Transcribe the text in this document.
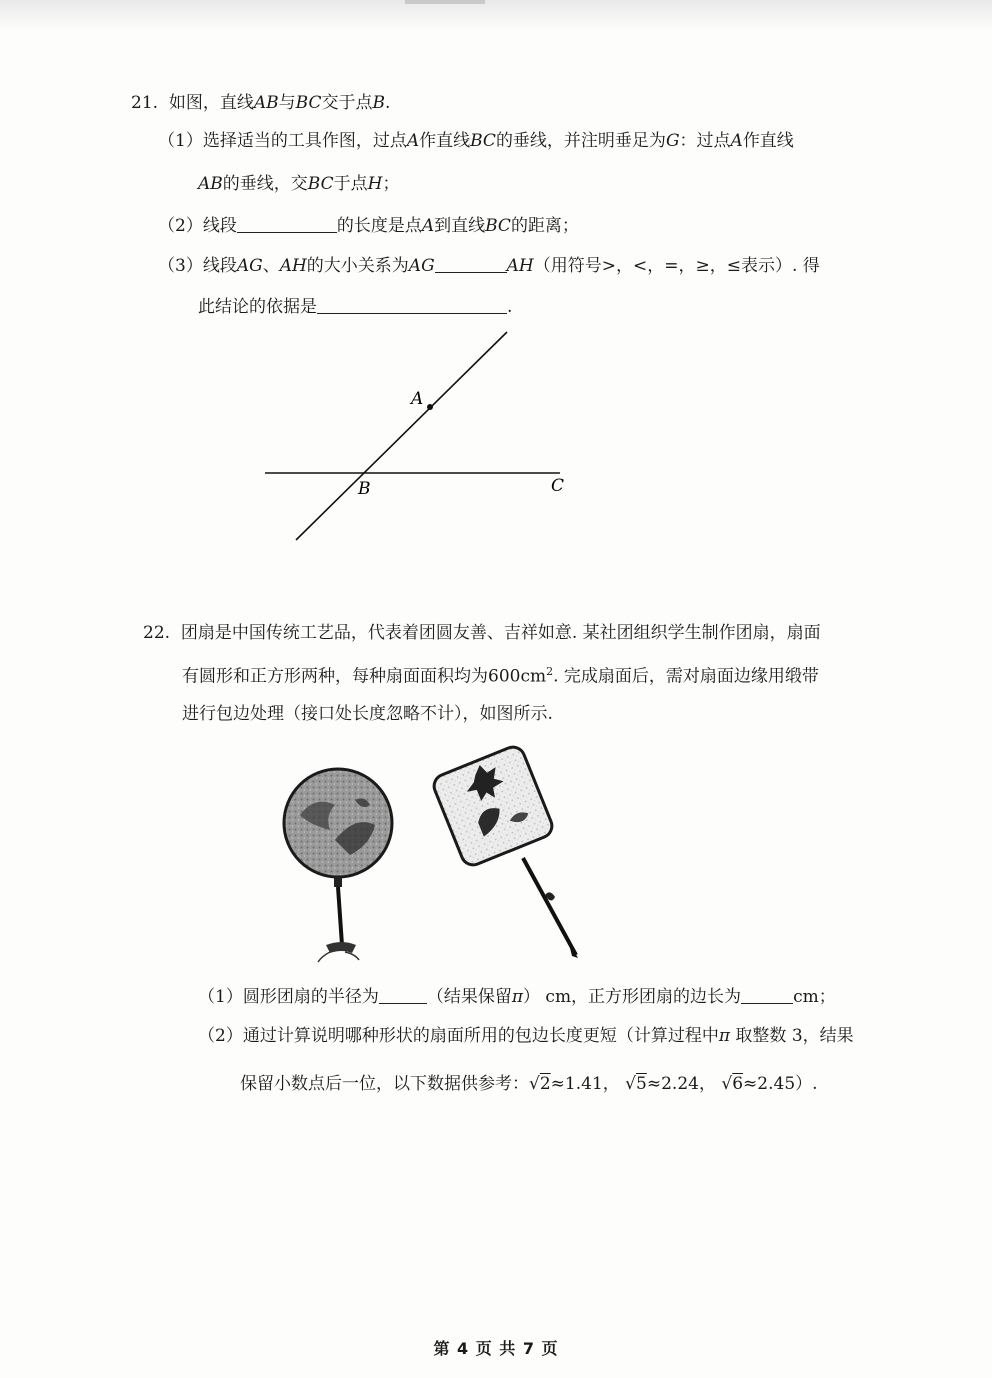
21. 如图，直线AB与BC交于点B.
（1）选择适当的工具作图，过点A作直线BC的垂线，并注明垂足为G：过点A作直线
AB的垂线，交BC于点H；
（2）线段	的长度是点A到直线BC的距离；
（3）线段AG、AH的大小关系为AG	AH（用符号>，<，=，≥，≤表示）. 得
此结论的依据是	.
A
B	C
22. 团扇是中国传统工艺品，代表着团圆友善、吉祥如意. 某社团组织学生制作团扇，扇面
有圆形和正方形两种，每种扇面面积均为$600cm^2$. 完成扇面后，需对扇面边缘用缎带
进行包边处理（接口处长度忽略不计），如图所示.
（1）圆形团扇的半径为	（结果保留π） cm，正方形团扇的边长为	cm；
（2）通过计算说明哪种形状的扇面所用的包边长度更短（计算过程中π 取整数 3，结果
保留小数点后一位，以下数据供参考：√2≈1.41， √5≈2.24， √6≈2.45）.
第 4 页 共 7 页
